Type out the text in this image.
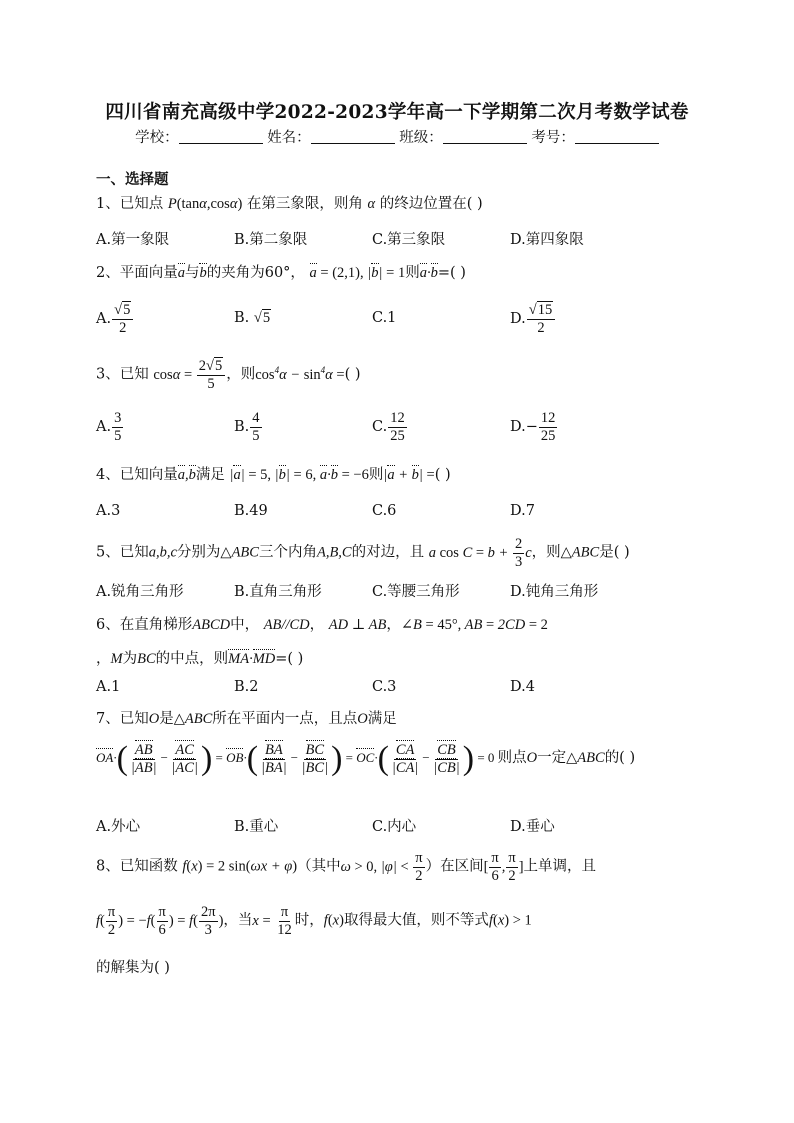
四川省南充高级中学2022-2023学年高一下学期第二次月考数学试卷
学校：	姓名：	班级：	考号：
一、选择题
1、已知点 P(tanα,cosα) 在第三象限，则角 α 的终边位置在( )
A.第一象限	B.第二象限	C.第三象限	D.第四象限
2、平面向量a与b的夹角为60°， a = (2,1), |b| = 1则a·b=( )
A. $\frac{√5}{2}$	B. √5	C.1	D. $\frac{√15}{2}$
3、已知 $\cos\alpha = \frac{2√5}{5}$ ，则$\cos^4\alpha - \sin^4\alpha$ =( )
A. $\frac{3}{5}$	B. $\frac{4}{5}$	C. $\frac{12}{25}$	$D.- \frac{12}{25}$
4、已知向量a,b满足 |a| = 5, |b| = 6, a·b = −6则|a + b| =( )
A.3	B.49	C.6	D.7
5、已知a,b,c分别为△ABC三个内角A,B,C的对边，且 a $\cos C = b + \frac{2}{3}$ c，则△ABC是( )
A.锐角三角形	B.直角三角形	C.等腰三角形	D.钝角三角形
6、在直角梯形ABCD中， AB//CD， AD ⊥ AB，∠B = 45°, AB = 2CD = 2
，M为BC的中点，则MA·MD=( )
A.1	B.2	C.3	D.4
7、已知O是△ABC所在平面内一点，且点O满足
$OA\cdot( \frac{AB}{|AB|} - \frac{AC}{|AC|}$ ) = $OB\cdot( \frac{BA}{|BA|} - \frac{BC}{|BC|}$ ) = $OC\cdot( \frac{CA}{|CA|} - \frac{CB}{|CB|}$ ) = 0 则点O一定△ABC的( )
A.外心	B.重心	C.内心	D.垂心
8、已知函数 f(x) = 2 sin(ωx + φ)（其中ω > 0, $|\varphi| < \frac{\pi}{2}$ ）在区间[ $\frac{\pi}{6}$ , $\frac{\pi}{2}$ ]上单调，且
$f( \frac{\pi}{2}$ ) = $-f( \frac{\pi}{6}$ ) = $f( \frac{2\pi}{3}$ )，当$x = \frac{\pi}{12}$ 时，f(x)取得最大值，则不等式f(x) > 1
的解集为( )
